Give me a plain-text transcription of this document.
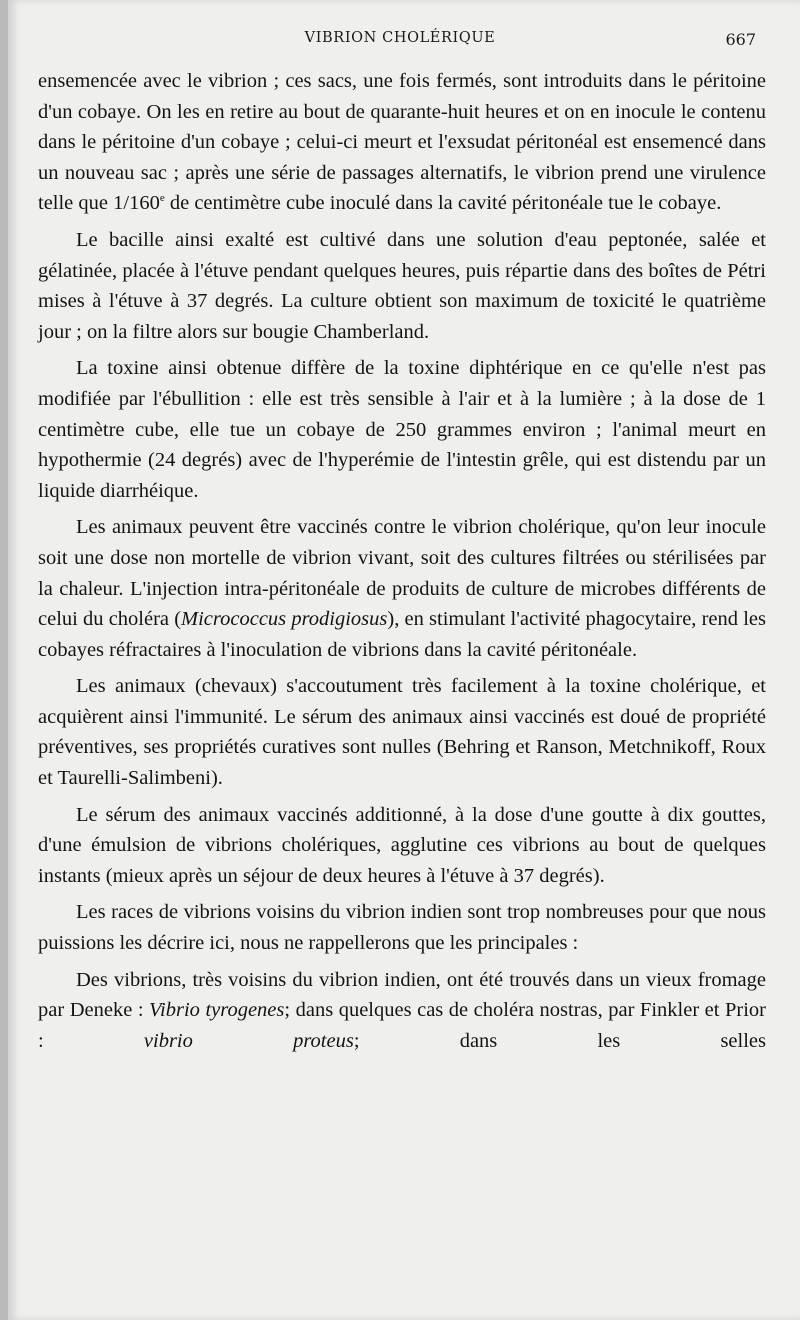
VIBRION CHOLÉRIQUE	667

ensemencée avec le vibrion ; ces sacs, une fois fermés, sont introduits dans le péritoine d'un cobaye. On les en retire au bout de quarante-huit heures et on en inocule le contenu dans le péritoine d'un cobaye ; celui-ci meurt et l'exsudat péritonéal est ensemencé dans un nouveau sac ; après une série de passages alternatifs, le vibrion prend une virulence telle que 1/160e de centimètre cube inoculé dans la cavité péritonéale tue le cobaye.

Le bacille ainsi exalté est cultivé dans une solution d'eau peptonée, salée et gélatinée, placée à l'étuve pendant quelques heures, puis répartie dans des boîtes de Pétri mises à l'étuve à 37 degrés. La culture obtient son maximum de toxicité le quatrième jour ; on la filtre alors sur bougie Chamberland.

La toxine ainsi obtenue diffère de la toxine diphtérique en ce qu'elle n'est pas modifiée par l'ébullition : elle est très sensible à l'air et à la lumière ; à la dose de 1 centimètre cube, elle tue un cobaye de 250 grammes environ ; l'animal meurt en hypothermie (24 degrés) avec de l'hyperémie de l'intestin grêle, qui est distendu par un liquide diarrhéique.

Les animaux peuvent être vaccinés contre le vibrion cholérique, qu'on leur inocule soit une dose non mortelle de vibrion vivant, soit des cultures filtrées ou stérilisées par la chaleur. L'injection intra-péritonéale de produits de culture de microbes différents de celui du choléra (Micrococcus prodigiosus), en stimulant l'activité phagocytaire, rend les cobayes réfractaires à l'inoculation de vibrions dans la cavité péritonéale.

Les animaux (chevaux) s'accoutument très facilement à la toxine cholérique, et acquièrent ainsi l'immunité. Le sérum des animaux ainsi vaccinés est doué de propriété préventives, ses propriétés curatives sont nulles (Behring et Ranson, Metchnikoff, Roux et Taurelli-Salimbeni).

Le sérum des animaux vaccinés additionné, à la dose d'une goutte à dix gouttes, d'une émulsion de vibrions cholériques, agglutine ces vibrions au bout de quelques instants (mieux après un séjour de deux heures à l'étuve à 37 degrés).

Les races de vibrions voisins du vibrion indien sont trop nombreuses pour que nous puissions les décrire ici, nous ne rappellerons que les principales :

Des vibrions, très voisins du vibrion indien, ont été trouvés dans un vieux fromage par Deneke : Vibrio tyrogenes; dans quelques cas de choléra nostras, par Finkler et Prior : vibrio proteus; dans les selles
